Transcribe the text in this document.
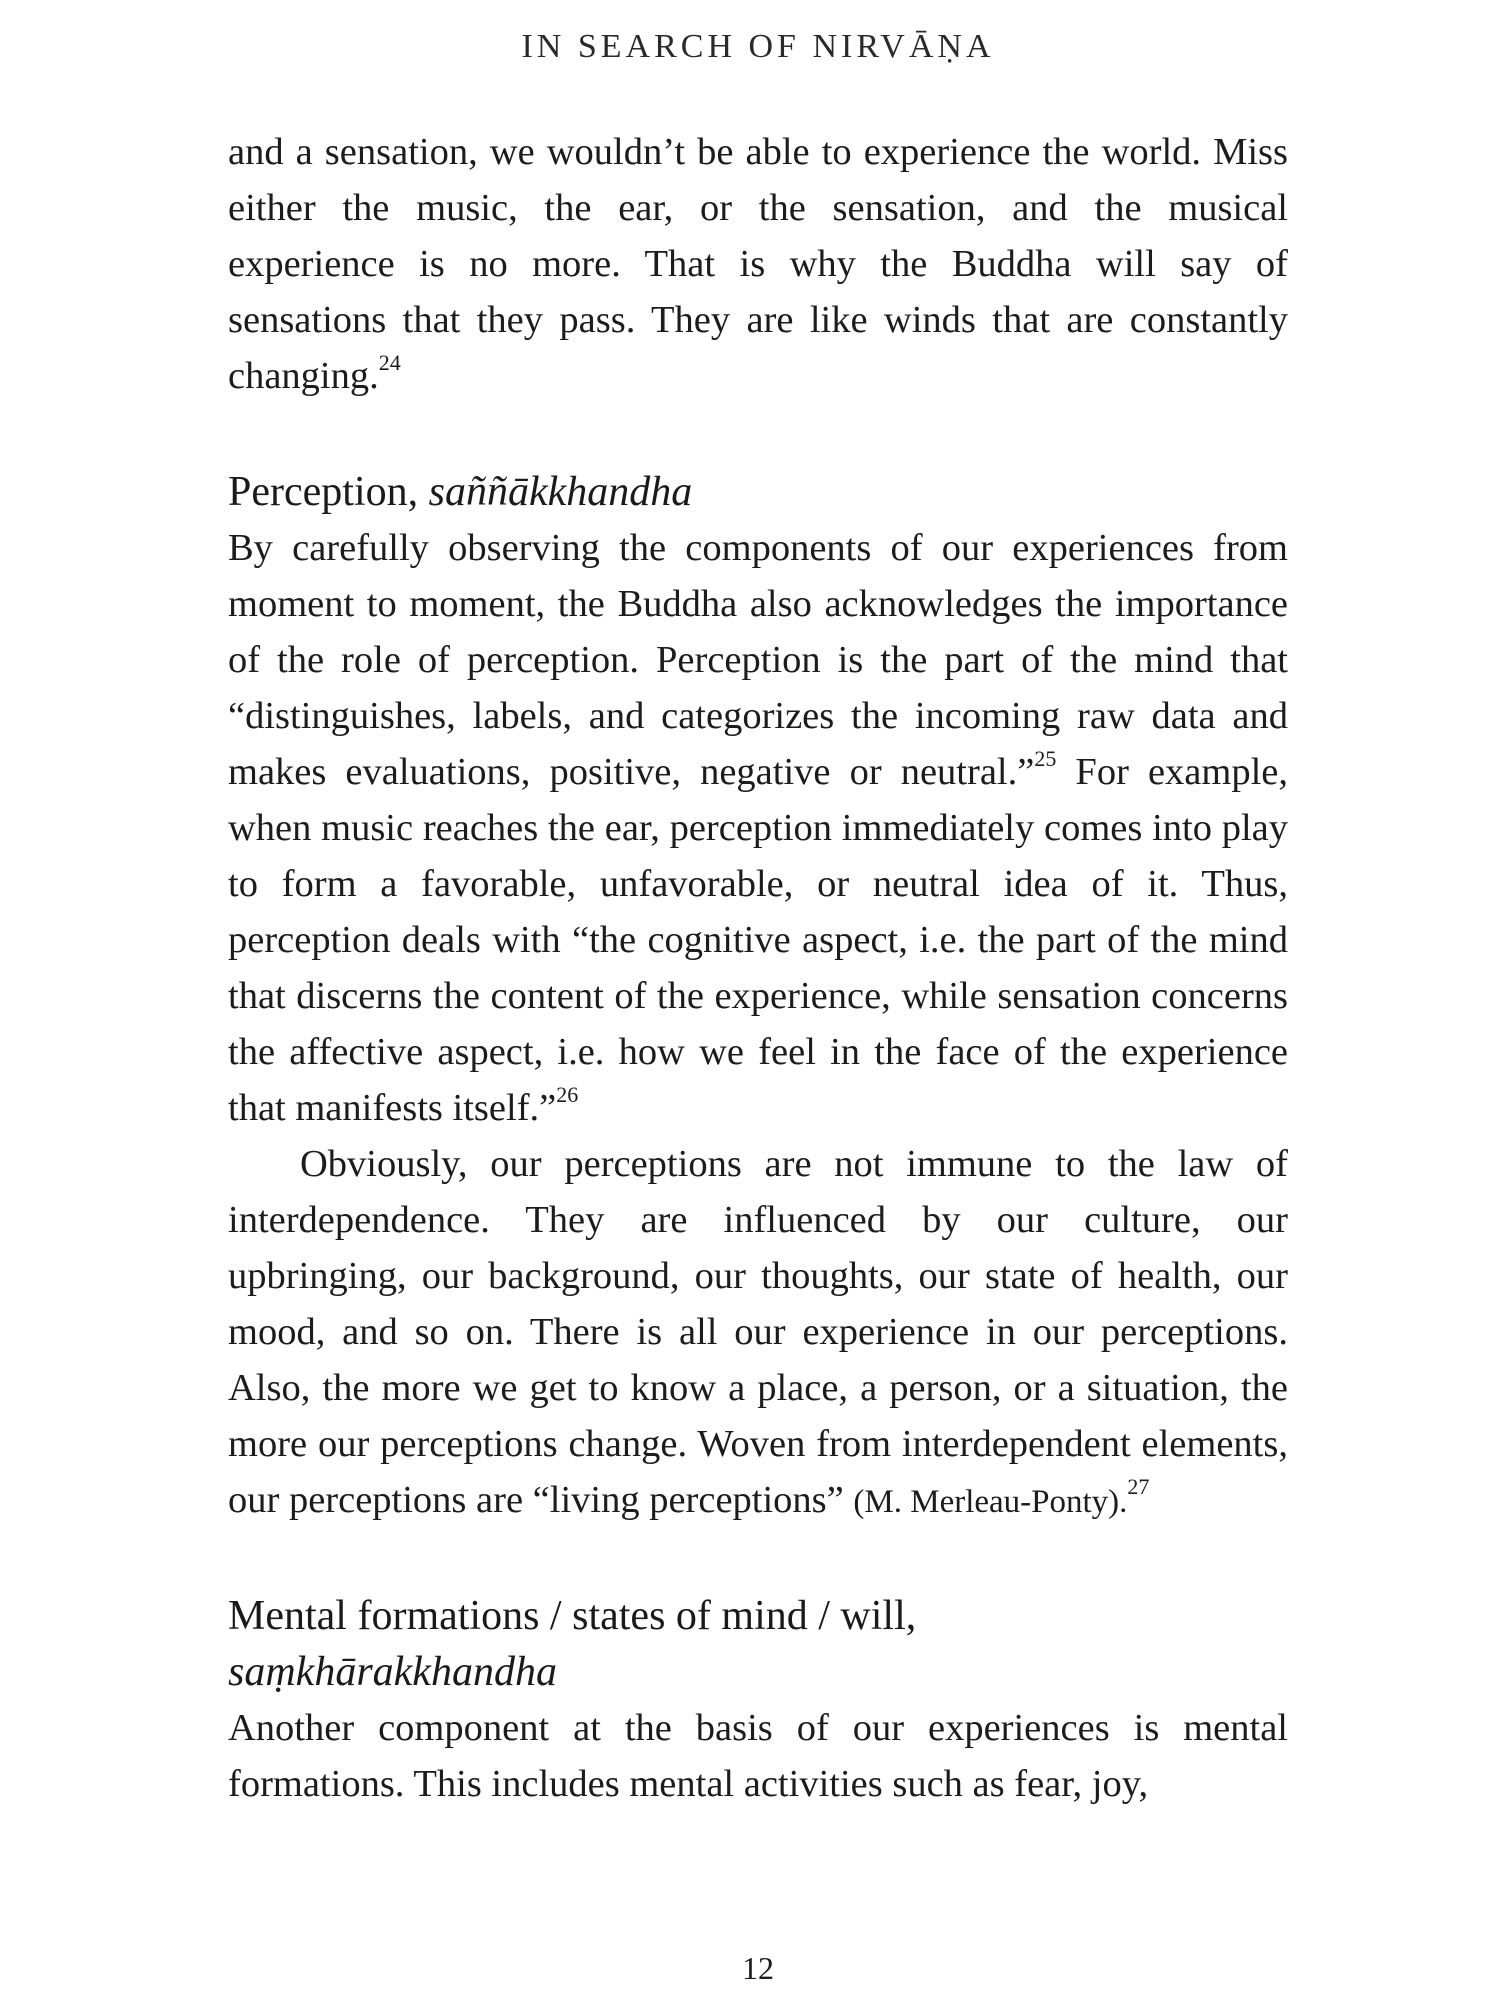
IN SEARCH OF NIRVĀṆA

and a sensation, we wouldn’t be able to experience the world. Miss either the music, the ear, or the sensation, and the musical experience is no more. That is why the Buddha will say of sensations that they pass. They are like winds that are constantly changing.$^{24}$

Perception, saññākkhandha

By carefully observing the components of our experiences from moment to moment, the Buddha also acknowledges the importance of the role of perception. Perception is the part of the mind that “distinguishes, labels, and categorizes the incoming raw data and makes evaluations, positive, negative or neutral.”$^{25}$ For example, when music reaches the ear, perception immediately comes into play to form a favorable, unfavorable, or neutral idea of it. Thus, perception deals with “the cognitive aspect, i.e. the part of the mind that discerns the content of the experience, while sensation concerns the affective aspect, i.e. how we feel in the face of the experience that manifests itself.”$^{26}$

Obviously, our perceptions are not immune to the law of interdependence. They are influenced by our culture, our upbringing, our background, our thoughts, our state of health, our mood, and so on. There is all our experience in our perceptions. Also, the more we get to know a place, a person, or a situation, the more our perceptions change. Woven from interdependent elements, our perceptions are “living perceptions” (M. Merleau-Ponty).$^{27}$

Mental formations / states of mind / will,
saṃkhārakkhandha

Another component at the basis of our experiences is mental formations. This includes mental activities such as fear, joy,

12
